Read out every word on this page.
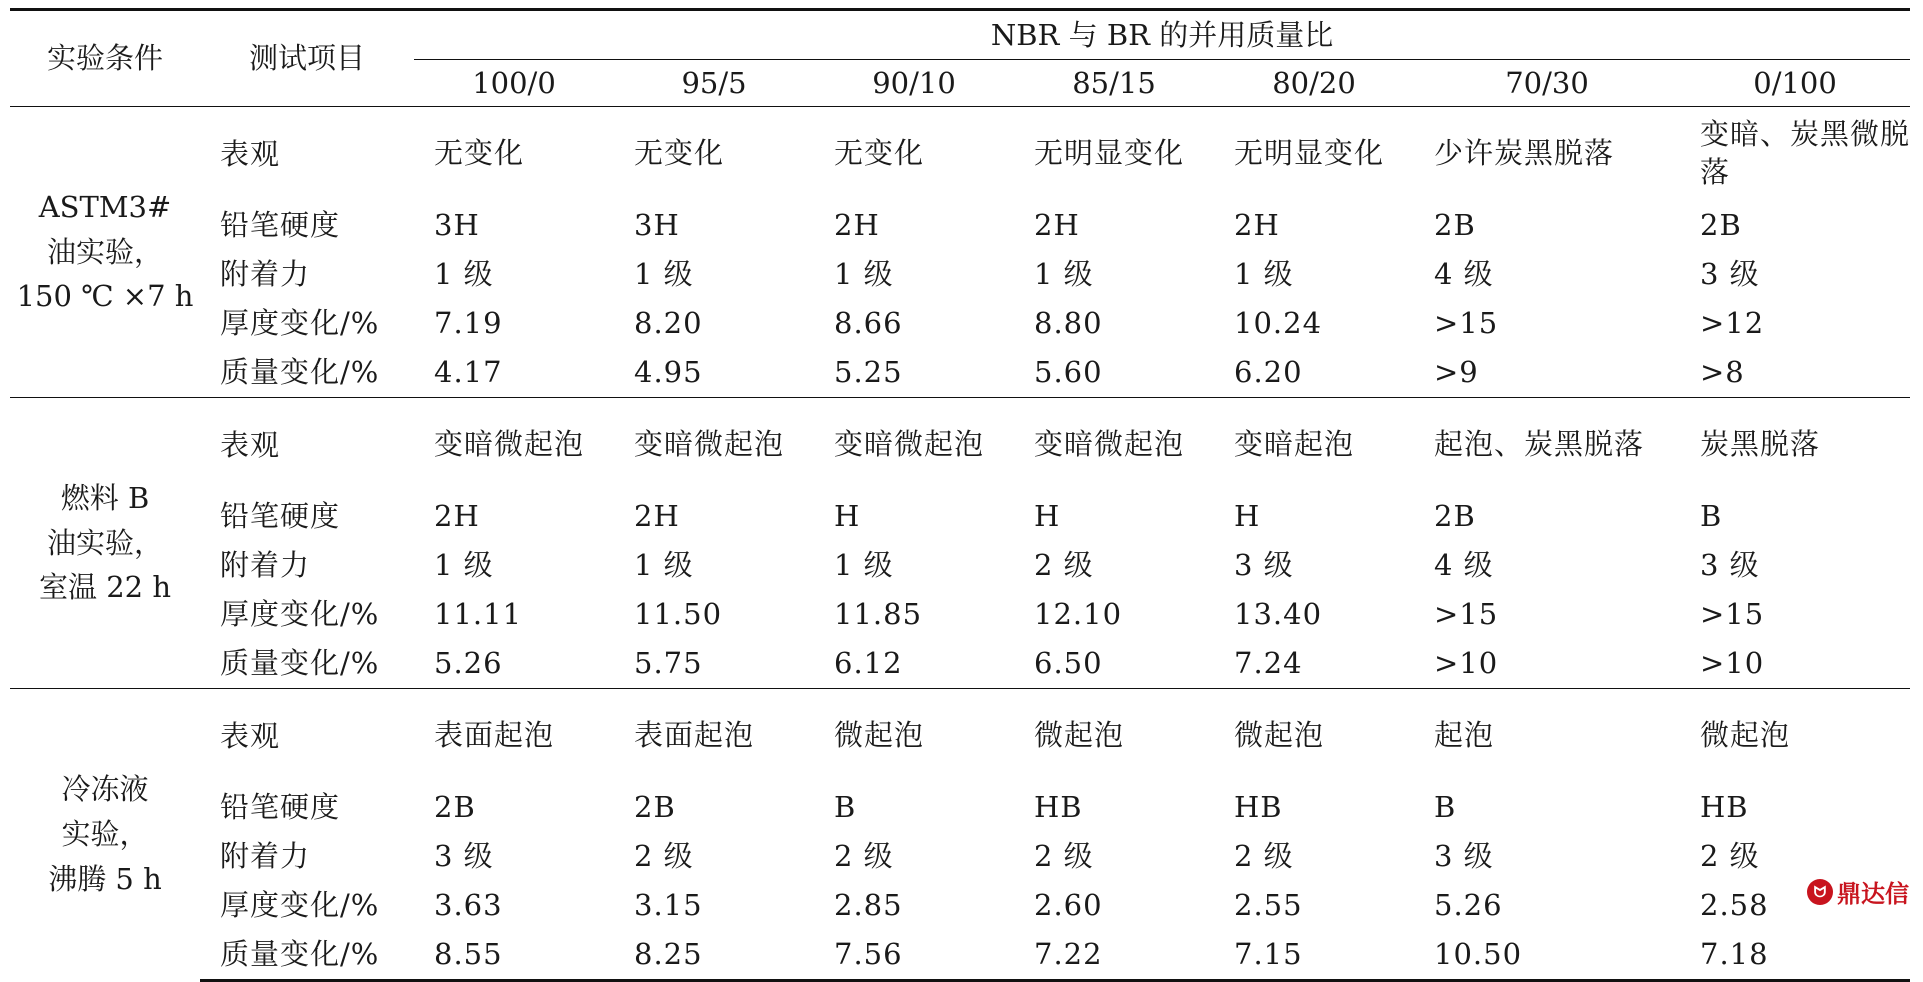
实验条件	测试项目	NBR 与 BR 的并用质量比						
		100/0	95/5	90/10	85/15	80/20	70/30	0/100

ASTM3#
油实验，
150 ℃ ×7 h	表观	无变化	无变化	无变化	无明显变化	无明显变化	少许炭黑脱落	变暗、炭黑微脱落
	铅笔硬度	3H	3H	2H	2H	2H	2B	2B
	附着力	1 级	1 级	1 级	1 级	1 级	4 级	3 级
	厚度变化/%	7.19	8.20	8.66	8.80	10.24	>15	>12
	质量变化/%	4.17	4.95	5.25	5.60	6.20	>9	>8

燃料 B
油实验，
室温 22 h	表观	变暗微起泡	变暗微起泡	变暗微起泡	变暗微起泡	变暗起泡	起泡、炭黑脱落	炭黑脱落
	铅笔硬度	2H	2H	H	H	H	2B	B
	附着力	1 级	1 级	1 级	2 级	3 级	4 级	3 级
	厚度变化/%	11.11	11.50	11.85	12.10	13.40	>15	>15
	质量变化/%	5.26	5.75	6.12	6.50	7.24	>10	>10

冷冻液
实验，
沸腾 5 h	表观	表面起泡	表面起泡	微起泡	微起泡	微起泡	起泡	微起泡
	铅笔硬度	2B	2B	B	HB	HB	B	HB
	附着力	3 级	2 级	2 级	2 级	2 级	3 级	2 级
	厚度变化/%	3.63	3.15	2.85	2.60	2.55	5.26	2.58
	质量变化/%	8.55	8.25	7.56	7.22	7.15	10.50	7.18
ᗢ 鼎达信
